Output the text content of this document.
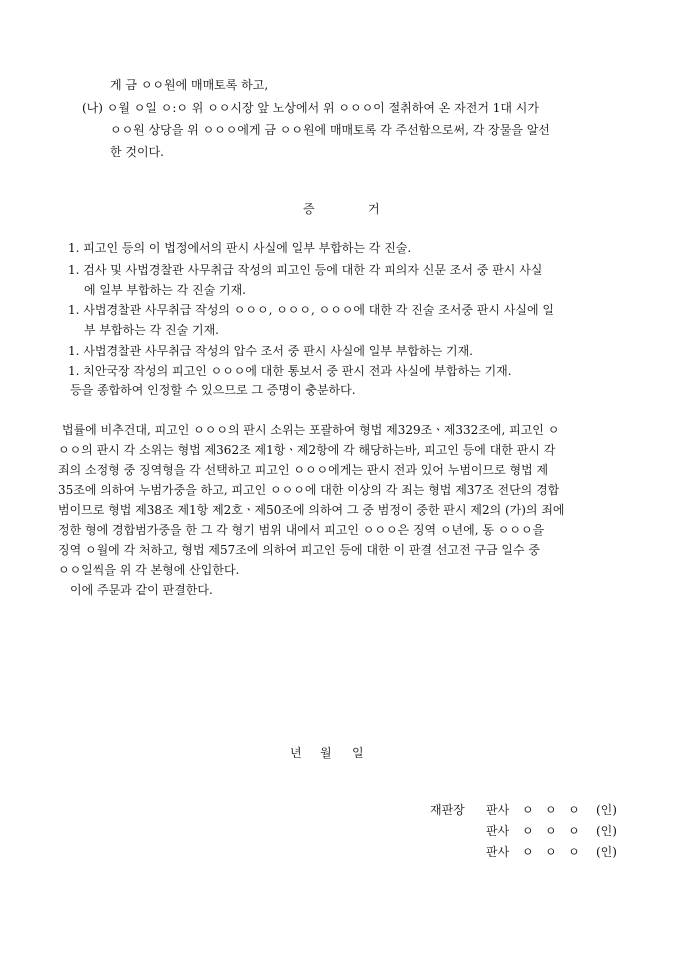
게 금 ㅇㅇ원에 매매토록 하고,
(나) ㅇ월 ㅇ일 ㅇ:ㅇ 위 ㅇㅇ시장 앞 노상에서 위 ㅇㅇㅇ이 절취하여 온 자전거 1대 시가
ㅇㅇ원 상당을 위 ㅇㅇㅇ에게 금 ㅇㅇ원에 매매토록 각 주선함으로써, 각 장물을 알선
한 것이다.
증	거
1. 피고인 등의 이 법정에서의 판시 사실에 일부 부합하는 각 진술.
1. 검사 및 사법경찰관 사무취급 작성의 피고인 등에 대한 각 피의자 신문 조서 중 판시 사실
에 일부 부합하는 각 진술 기재.
1. 사법경찰관 사무취급 작성의 ㅇㅇㅇ, ㅇㅇㅇ, ㅇㅇㅇ에 대한 각 진술 조서중 판시 사실에 일
부 부합하는 각 진술 기재.
1. 사법경찰관 사무취급 작성의 압수 조서 중 판시 사실에 일부 부합하는 기재.
1. 치안국장 작성의 피고인 ㅇㅇㅇ에 대한 통보서 중 판시 전과 사실에 부합하는 기재.
등을 종합하여 인정할 수 있으므로 그 증명이 충분하다.
법률에 비추건대, 피고인 ㅇㅇㅇ의 판시 소위는 포괄하여 형법 제329조ㆍ제332조에, 피고인 ㅇ
ㅇㅇ의 판시 각 소위는 형법 제362조 제1항ㆍ제2항에 각 해당하는바, 피고인 등에 대한 판시 각
죄의 소정형 중 징역형을 각 선택하고 피고인 ㅇㅇㅇ에게는 판시 전과 있어 누범이므로 형법 제
35조에 의하여 누범가중을 하고, 피고인 ㅇㅇㅇ에 대한 이상의 각 죄는 형법 제37조 전단의 경합
범이므로 형법 제38조 제1항 제2호ㆍ제50조에 의하여 그 중 범정이 중한 판시 제2의 (가)의 죄에
정한 형에 경합범가중을 한 그 각 형기 범위 내에서 피고인 ㅇㅇㅇ은 징역 ㅇ년에, 동 ㅇㅇㅇ을
징역 ㅇ월에 각 처하고, 형법 제57조에 의하여 피고인 등에 대한 이 판결 선고전 구금 일수 중
ㅇㅇ일씩을 위 각 본형에 산입한다.
이에 주문과 같이 판결한다.
년 월 일
재판장	판사 ㅇ   ㅇ   ㅇ (인)
판사 ㅇ   ㅇ   ㅇ (인)
판사 ㅇ   ㅇ   ㅇ (인)
